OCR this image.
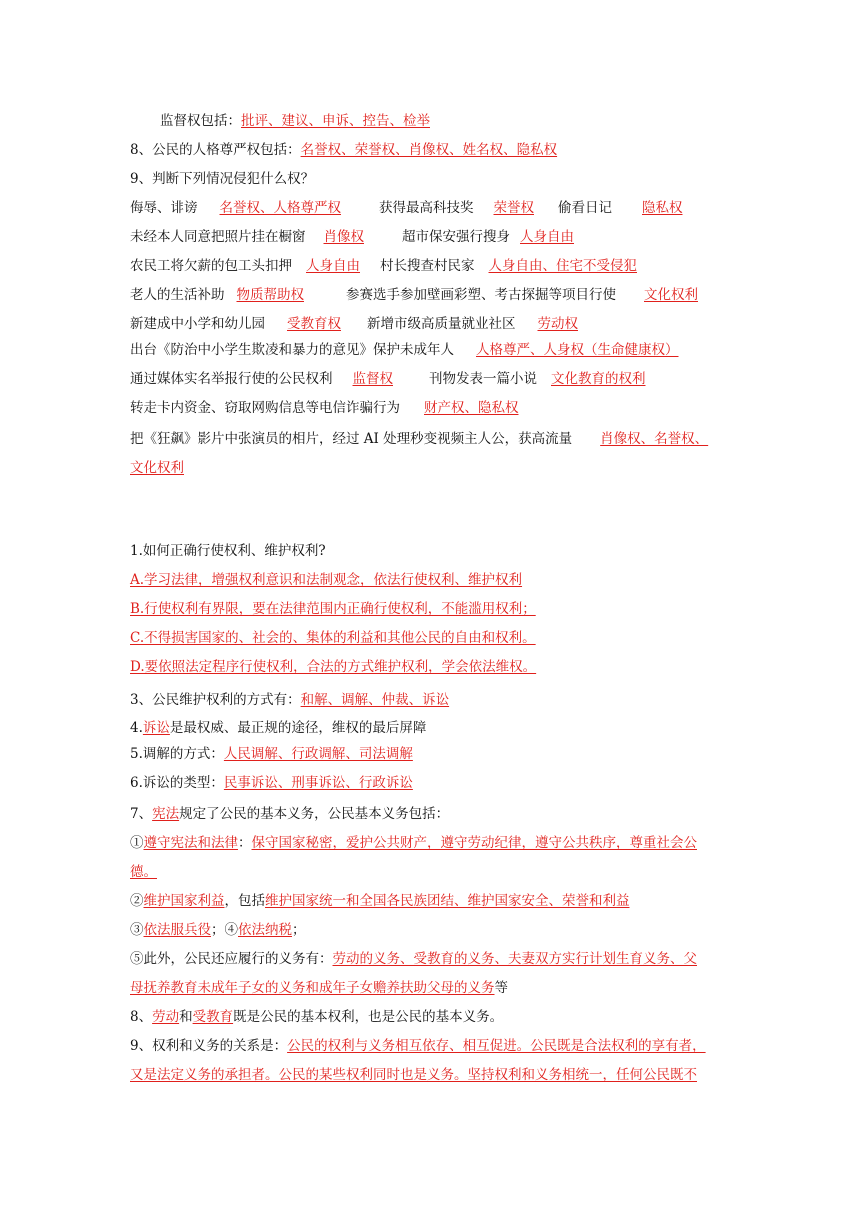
监督权包括：批评、建议、申诉、控告、检举
8、公民的人格尊严权包括：名誉权、荣誉权、肖像权、姓名权、隐私权
9、判断下列情况侵犯什么权？
侮辱、诽谤 名誉权、人格尊严权	获得最高科技奖 荣誉权 偷看日记 隐私权
未经本人同意把照片挂在橱窗 肖像权	超市保安强行搜身 人身自由
农民工将欠薪的包工头扣押 人身自由 村长搜查村民家 人身自由、住宅不受侵犯
老人的生活补助 物质帮助权	参赛选手参加壁画彩塑、考古探掘等项目行使 文化权利
新建成中小学和幼儿园 受教育权 新增市级高质量就业社区 劳动权
出台《防治中小学生欺凌和暴力的意见》保护未成年人 人格尊严、人身权（生命健康权）
通过媒体实名举报行使的公民权利 监督权	刊物发表一篇小说 文化教育的权利
转走卡内资金、窃取网购信息等电信诈骗行为 财产权、隐私权
把《狂飙》影片中张演员的相片，经过 AI 处理秒变视频主人公，获高流量 肖像权、名誉权、
文化权利
1.如何正确行使权利、维护权利?
A.学习法律，增强权利意识和法制观念，依法行使权利、维护权利
B.行使权利有界限，要在法律范围内正确行使权利，不能滥用权利；
C.不得损害国家的、社会的、集体的利益和其他公民的自由和权利。
D.要依照法定程序行使权利，合法的方式维护权利，学会依法维权。
3、公民维护权利的方式有：和解、调解、仲裁、诉讼
4.诉讼是最权威、最正规的途径，维权的最后屏障
5.调解的方式：人民调解、行政调解、司法调解
6.诉讼的类型：民事诉讼、刑事诉讼、行政诉讼
7、宪法规定了公民的基本义务，公民基本义务包括：
①遵守宪法和法律：保守国家秘密，爱护公共财产，遵守劳动纪律，遵守公共秩序，尊重社会公
德。
②维护国家利益，包括维护国家统一和全国各民族团结、维护国家安全、荣誉和利益
③依法服兵役；④依法纳税；
⑤此外，公民还应履行的义务有：劳动的义务、受教育的义务、夫妻双方实行计划生育义务、父
母抚养教育未成年子女的义务和成年子女赡养扶助父母的义务等
8、劳动和受教育既是公民的基本权利，也是公民的基本义务。
9、权利和义务的关系是：公民的权利与义务相互依存、相互促进。公民既是合法权利的享有者，
又是法定义务的承担者。公民的某些权利同时也是义务。坚持权利和义务相统一，任何公民既不
